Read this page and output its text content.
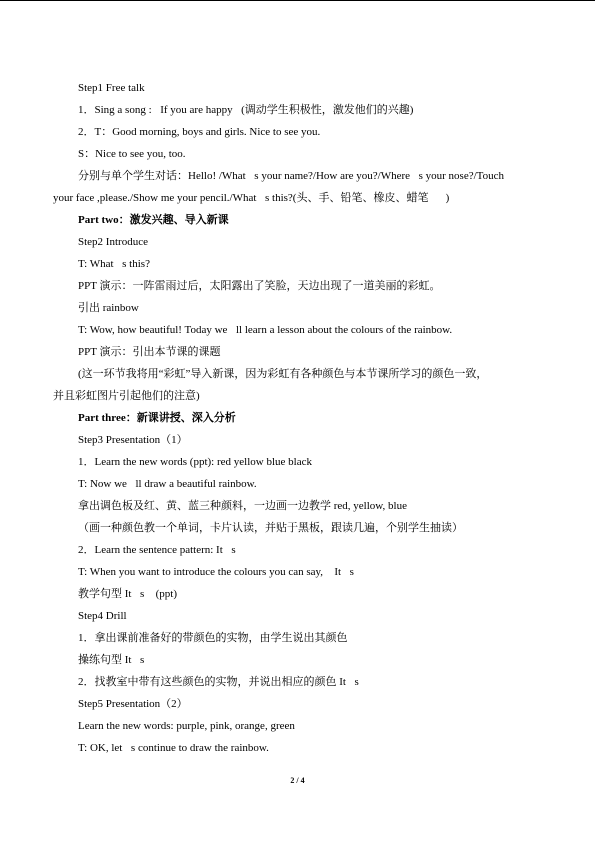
Step1 Free talk
1．Sing a song : If you are happy (调动学生积极性，激发他们的兴趣)
2．T：Good morning, boys and girls. Nice to see you.
S：Nice to see you, too.
分别与单个学生对话：Hello! /What s your name?/How are you?/Where s your nose?/Touch
your face ,please./Show me your pencil./What s this?(头、手、铅笔、橡皮、蜡笔  )
Part two：激发兴趣、导入新课
Step2 Introduce
T: What s this?
PPT 演示：一阵雷雨过后，太阳露出了笑脸，天边出现了一道美丽的彩虹。
引出 rainbow
T: Wow, how beautiful! Today we ll learn a lesson about the colours of the rainbow.
PPT 演示：引出本节课的课题
(这一环节我将用“彩虹”导入新课，因为彩虹有各种颜色与本节课所学习的颜色一致，
并且彩虹图片引起他们的注意)
Part three：新课讲授、深入分析
Step3 Presentation（1）
1．Learn the new words (ppt): red yellow blue black
T: Now we ll draw a beautiful rainbow.
拿出调色板及红、黄、蓝三种颜料，一边画一边教学 red, yellow, blue
（画一种颜色教一个单词，卡片认读，并贴于黑板，跟读几遍，个别学生抽读）
2．Learn the sentence pattern: It s 
T: When you want to introduce the colours you can say,  It s  
教学句型 It s  (ppt)
Step4 Drill
1．拿出课前准备好的带颜色的实物，由学生说出其颜色
操练句型 It s 
2．找教室中带有这些颜色的实物，并说出相应的颜色 It s 
Step5 Presentation（2）
Learn the new words: purple, pink, orange, green
T: OK, let s continue to draw the rainbow.
2 / 4
